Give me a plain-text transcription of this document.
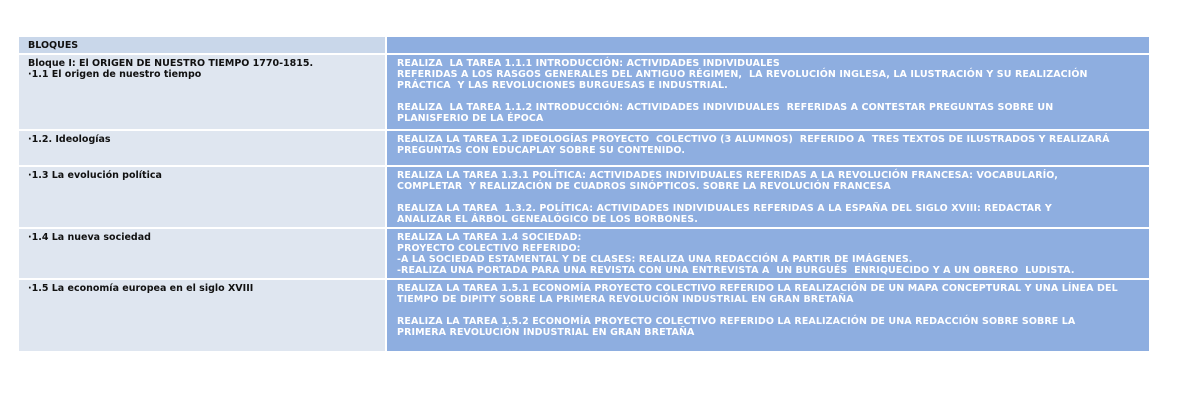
BLOQUES	

Bloque I: El ORIGEN DE NUESTRO TIEMPO 1770-1815.
·1.1 El origen de nuestro tiempo	REALIZA  LA TAREA 1.1.1 INTRODUCCIÓN: ACTIVIDADES INDIVIDUALES
REFERIDAS A LOS RASGOS GENERALES DEL ANTIGUO RÉGIMEN,  LA REVOLUCIÓN INGLESA, LA ILUSTRACIÓN Y SU REALIZACIÓN
PRÁCTICA  Y LAS REVOLUCIONES BURGUESAS E INDUSTRIAL.
REALIZA  LA TAREA 1.1.2 INTRODUCCIÓN: ACTIVIDADES INDIVIDUALES  REFERIDAS A CONTESTAR PREGUNTAS SOBRE UN
PLANISFERIO DE LA ÉPOCA

·1.2. Ideologías	REALIZA LA TAREA 1.2 IDEOLOGÍAS PROYECTO  COLECTIVO (3 ALUMNOS)  REFERIDO A  TRES TEXTOS DE ILUSTRADOS Y REALIZARÁ
PREGUNTAS CON EDUCAPLAY SOBRE SU CONTENIDO.

·1.3 La evolución política	REALIZA LA TAREA 1.3.1 POLÍTICA: ACTIVIDADES INDIVIDUALES REFERIDAS A LA REVOLUCIÓN FRANCESA: VOCABULARÍO,
COMPLETAR  Y REALIZACIÓN DE CUADROS SINÓPTICOS. SOBRE LA REVOLUCIÓN FRANCESA
REALIZA LA TAREA  1.3.2. POLÍTICA: ACTIVIDADES INDIVIDUALES REFERIDAS A LA ESPAÑA DEL SIGLO XVIII: REDACTAR Y
ANALIZAR EL ÁRBOL GENEALÓGICO DE LOS BORBONES.

·1.4 La nueva sociedad	REALIZA LA TAREA 1.4 SOCIEDAD:
PROYECTO COLECTIVO REFERIDO:
-A LA SOCIEDAD ESTAMENTAL Y DE CLASES: REALIZA UNA REDACCIÓN A PARTIR DE IMÁGENES.
-REALIZA UNA PORTADA PARA UNA REVISTA CON UNA ENTREVISTA A  UN BURGUÉS  ENRIQUECIDO Y A UN OBRERO  LUDISTA.

·1.5 La economía europea en el siglo XVIII	REALIZA LA TAREA 1.5.1 ECONOMÍA PROYECTO COLECTIVO REFERIDO LA REALIZACIÓN DE UN MAPA CONCEPTURAL Y UNA LÍNEA DEL
TIEMPO DE DIPITY SOBRE LA PRIMERA REVOLUCIÓN INDUSTRIAL EN GRAN BRETAÑA
REALIZA LA TAREA 1.5.2 ECONOMÍA PROYECTO COLECTIVO REFERIDO LA REALIZACIÓN DE UNA REDACCIÓN SOBRE SOBRE LA
PRIMERA REVOLUCIÓN INDUSTRIAL EN GRAN BRETAÑA
